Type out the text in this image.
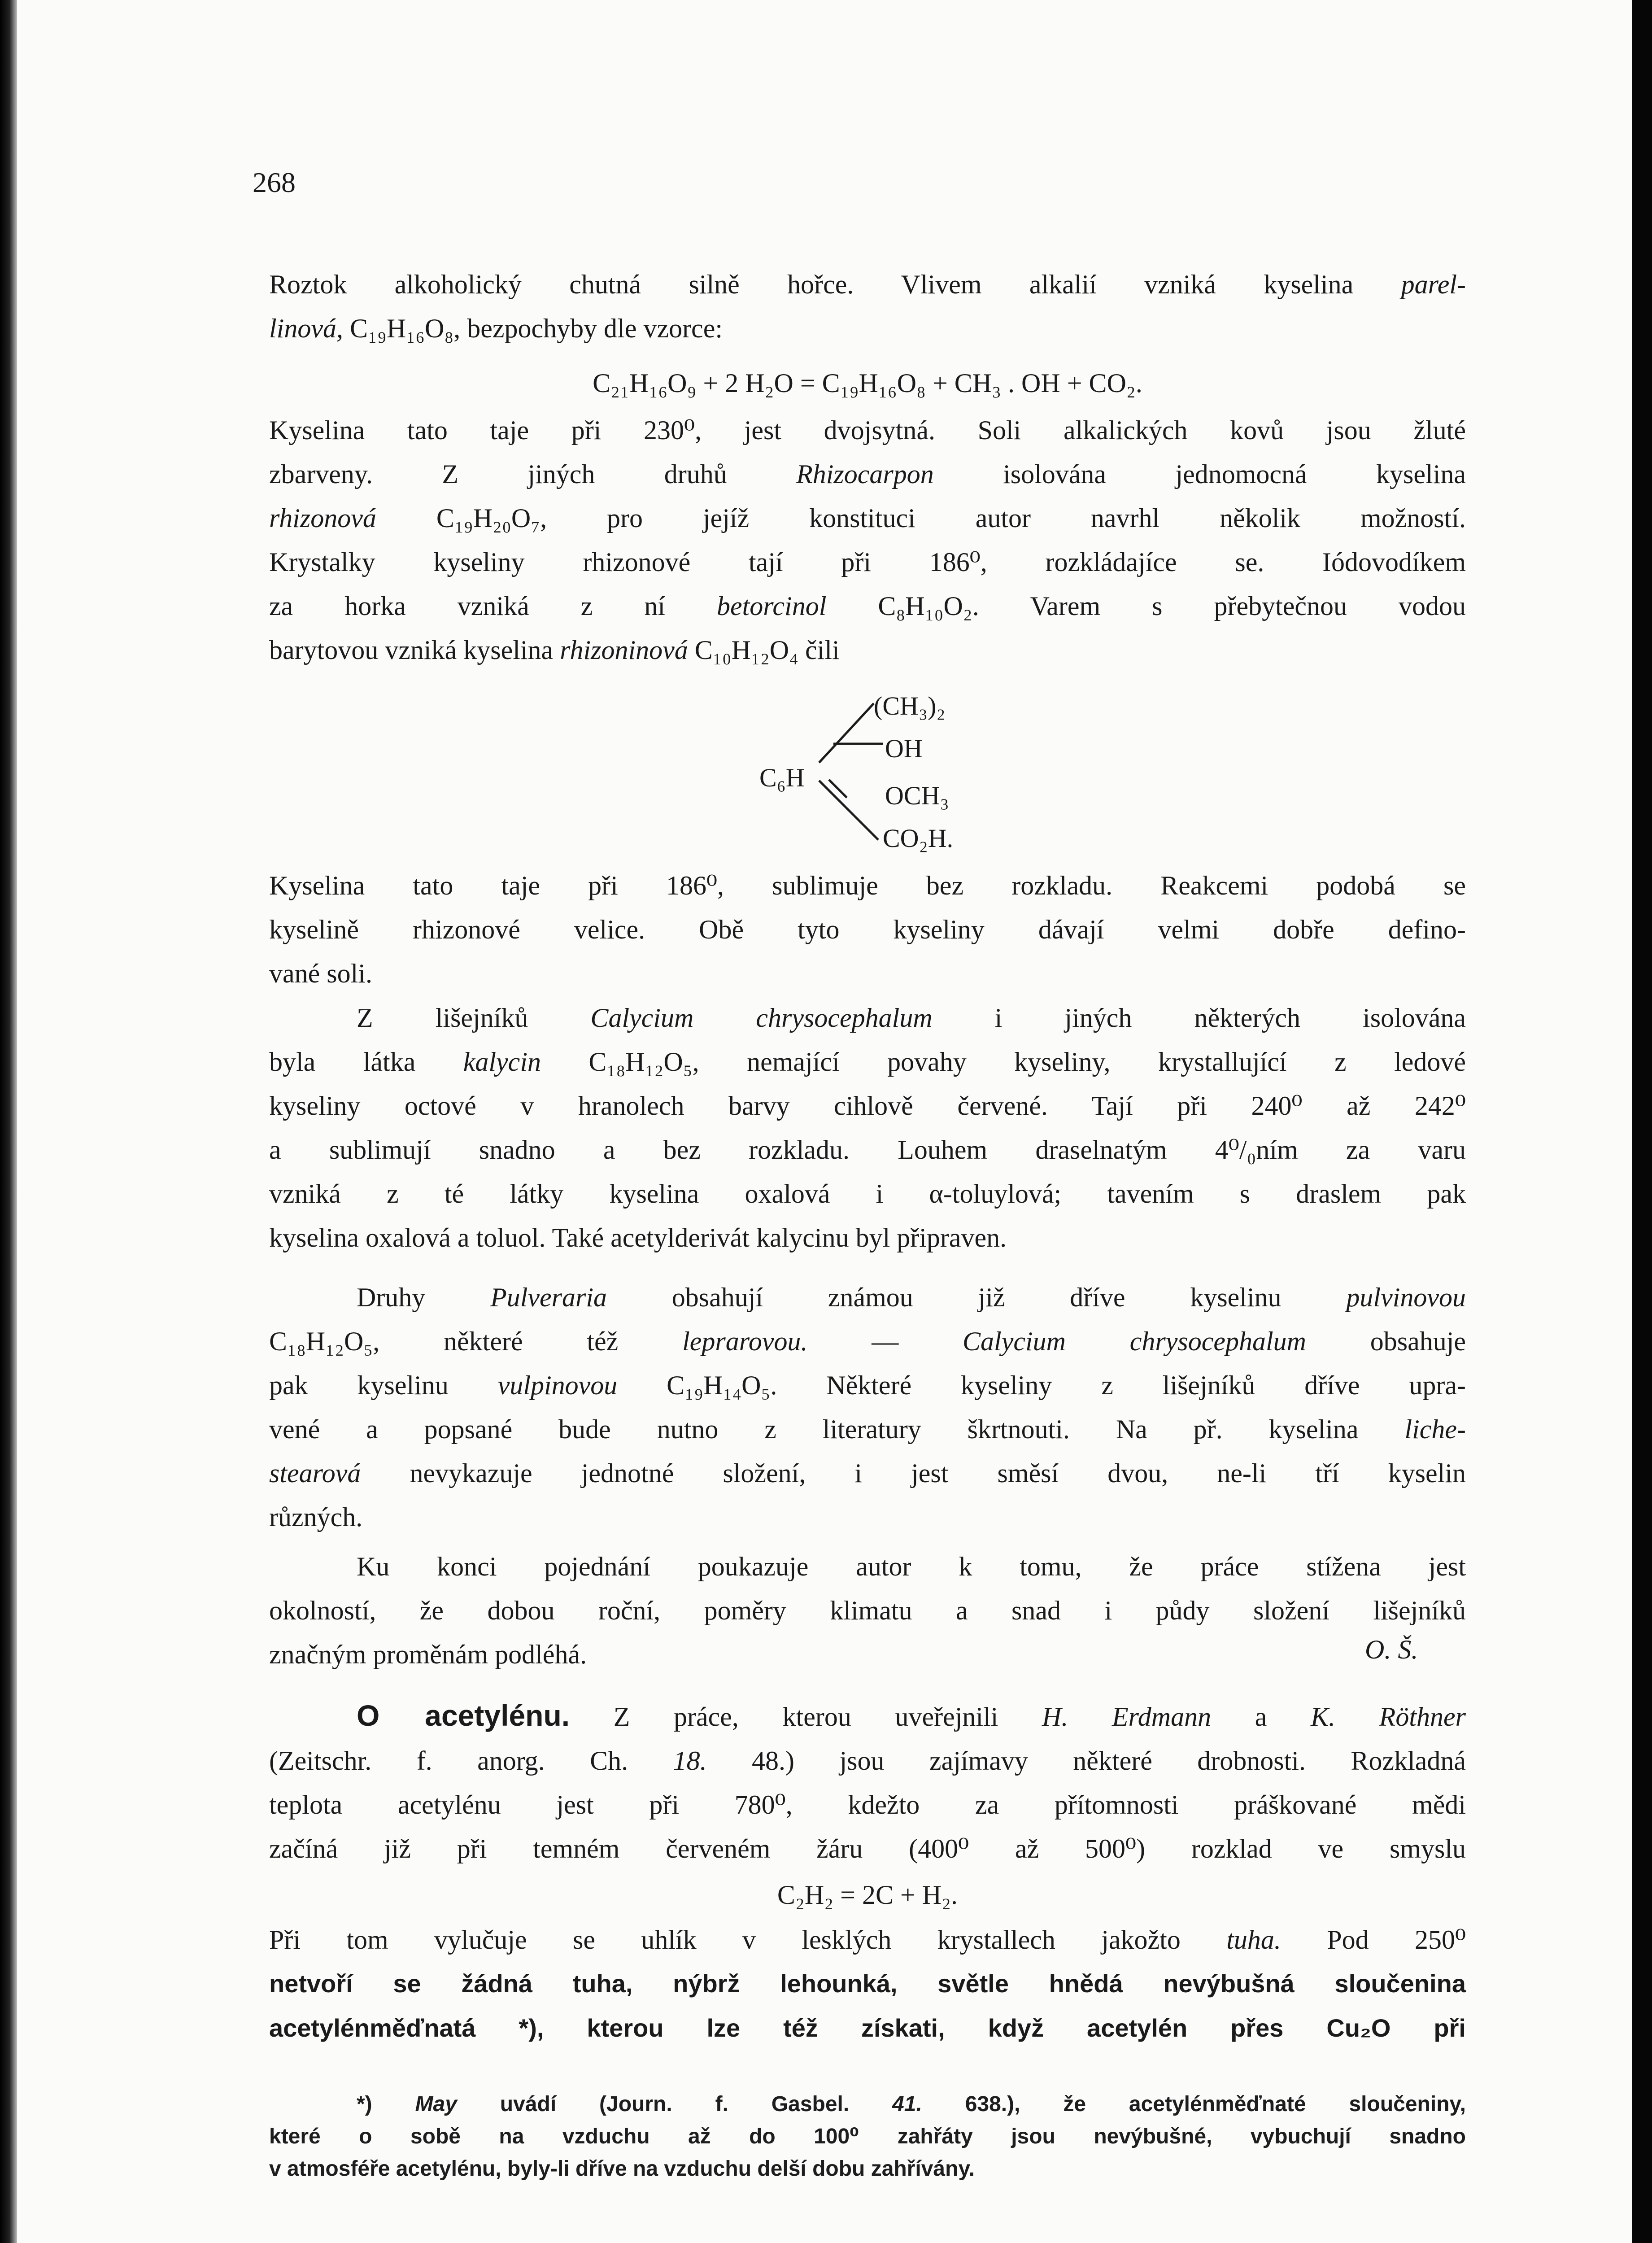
268
Roztok alkoholický chutná silně hořce. Vlivem alkalií vzniká kyselina parel-
linová, C₁₉H₁₆O₈, bezpochyby dle vzorce:
C₂₁H₁₆O₉ + 2 H₂O = C₁₉H₁₆O₈ + CH₃ . OH + CO₂.
Kyselina tato taje při 230⁰, jest dvojsytná. Soli alkalických kovů jsou žluté
zbarveny. Z jiných druhů Rhizocarpon isolována jednomocná kyselina
rhizonová C₁₉H₂₀O₇, pro jejíž konstituci autor navrhl několik možností.
Krystalky kyseliny rhizonové tají při 186⁰, rozkládajíce se. Iódovodíkem
za horka vzniká z ní betorcinol C₈H₁₀O₂. Varem s přebytečnou vodou
barytovou vzniká kyselina rhizoninová C₁₀H₁₂O₄ čili
C₆H
(CH₃)₂
OH
OCH₃
CO₂H.
Kyselina tato taje při 186⁰, sublimuje bez rozkladu. Reakcemi podobá se
kyselině rhizonové velice. Obě tyto kyseliny dávají velmi dobře defino-
vané soli.
Z lišejníků Calycium chrysocephalum i jiných některých isolována
byla látka kalycin C₁₈H₁₂O₅, nemající povahy kyseliny, krystallující z ledové
kyseliny octové v hranolech barvy cihlově červené. Tají při 240⁰ až 242⁰
a sublimují snadno a bez rozkladu. Louhem draselnatým 4⁰/₀ním za varu
vzniká z té látky kyselina oxalová i α-toluylová; tavením s draslem pak
kyselina oxalová a toluol. Také acetylderivát kalycinu byl připraven.
Druhy Pulveraria obsahují známou již dříve kyselinu pulvinovou
C₁₈H₁₂O₅, některé též leprarovou. — Calycium chrysocephalum obsahuje
pak kyselinu vulpinovou C₁₉H₁₄O₅. Některé kyseliny z lišejníků dříve upra-
vené a popsané bude nutno z literatury škrtnouti. Na př. kyselina liche-
stearová nevykazuje jednotné složení, i jest směsí dvou, ne-li tří kyselin
různých.
Ku konci pojednání poukazuje autor k tomu, že práce stížena jest
okolností, že dobou roční, poměry klimatu a snad i půdy složení lišejníků
značným proměnám podléhá.	O. Š.
O acetylénu. Z práce, kterou uveřejnili H. Erdmann a K. Röthner
(Zeitschr. f. anorg. Ch. 18. 48.) jsou zajímavy některé drobnosti. Rozkladná
teplota acetylénu jest při 780⁰, kdežto za přítomnosti práškované mědi
začíná již při temném červeném žáru (400⁰ až 500⁰) rozklad ve smyslu
C₂H₂ = 2C + H₂.
Při tom vylučuje se uhlík v lesklých krystallech jakožto tuha. Pod 250⁰
netvoří se žádná tuha, nýbrž lehounká, světle hnědá nevýbušná sloučenina
acetylénměďnatá *), kterou lze též získati, když acetylén přes Cu₂O při
*) May uvádí (Journ. f. Gasbel. 41. 638.), že acetylénměďnaté sloučeniny,
které o sobě na vzduchu až do 100⁰ zahřáty jsou nevýbušné, vybuchují snadno
v atmosféře acetylénu, byly-li dříve na vzduchu delší dobu zahřívány.
